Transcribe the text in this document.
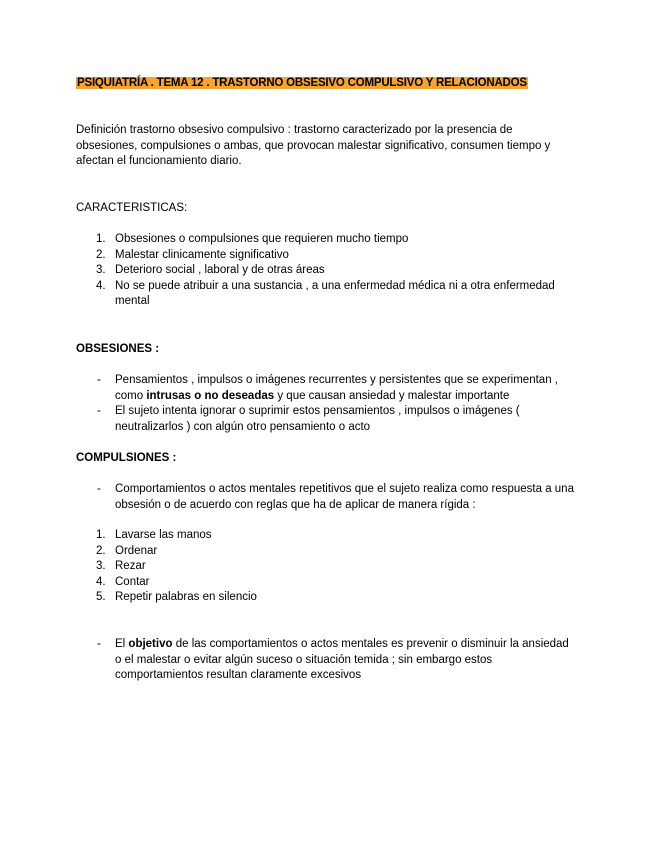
PSIQUIATRÍA . TEMA 12 . TRASTORNO OBSESIVO COMPULSIVO Y RELACIONADOS

Definición trastorno obsesivo compulsivo : trastorno caracterizado por la presencia de obsesiones, compulsiones o ambas, que provocan malestar significativo, consumen tiempo y afectan el funcionamiento diario.

CARACTERISTICAS:

1. Obsesiones o compulsiones que requieren mucho tiempo
2. Malestar clinicamente significativo
3. Deterioro social , laboral y de otras áreas
4. No se puede atribuir a una sustancia , a una enfermedad médica ni a otra enfermedad mental

OBSESIONES :

- Pensamientos , impulsos o imágenes recurrentes y persistentes que se experimentan , como intrusas o no deseadas y que causan ansiedad y malestar importante
- El sujeto intenta ignorar o suprimir estos pensamientos , impulsos o imágenes ( neutralizarlos ) con algún otro pensamiento o acto

COMPULSIONES :

- Comportamientos o actos mentales repetitivos que el sujeto realiza como respuesta a una obsesión o de acuerdo con reglas que ha de aplicar de manera rígida :
1. Lavarse las manos
2. Ordenar
3. Rezar
4. Contar
5. Repetir palabras en silencio
- El objetivo de las comportamientos o actos mentales es prevenir o disminuir la ansiedad o el malestar o evitar algún suceso o situación temida ; sin embargo estos comportamientos resultan claramente excesivos
